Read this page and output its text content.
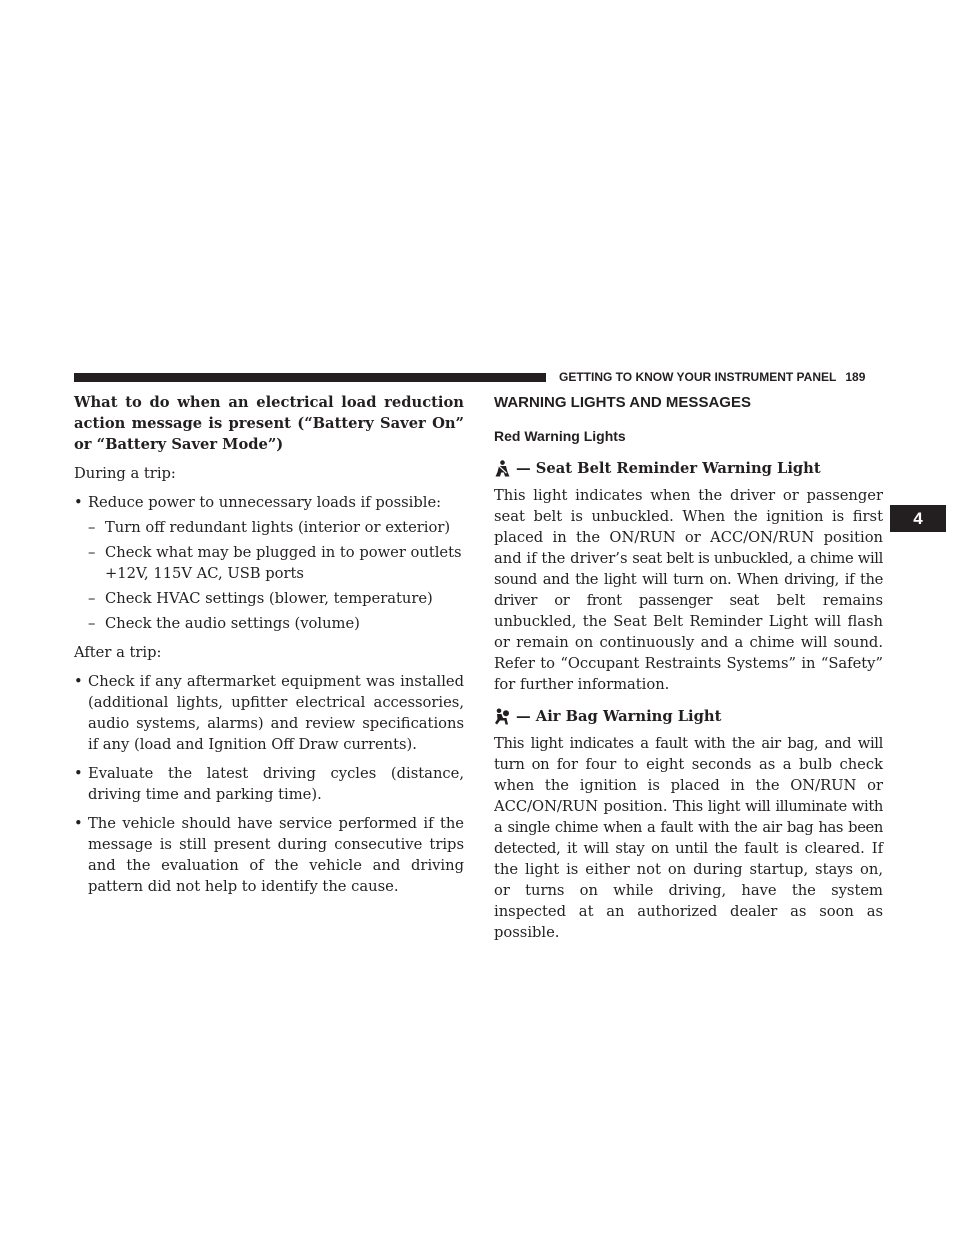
GETTING TO KNOW YOUR INSTRUMENT PANEL 189
4

What to do when an electrical load reduction action message is present (“Battery Saver On” or “Battery Saver Mode”)

During a trip:

• Reduce power to unnecessary loads if possible:
– Turn off redundant lights (interior or exterior)
– Check what may be plugged in to power outlets +12V, 115V AC, USB ports
– Check HVAC settings (blower, temperature)
– Check the audio settings (volume)

After a trip:

• Check if any aftermarket equipment was installed (additional lights, upfitter electrical accessories, audio systems, alarms) and review specifications if any (load and Ignition Off Draw currents).
• Evaluate the latest driving cycles (distance, driving time and parking time).
• The vehicle should have service performed if the message is still present during consecutive trips and the evaluation of the vehicle and driving pattern did not help to identify the cause.
WARNING LIGHTS AND MESSAGES
Red Warning Lights
— Seat Belt Reminder Warning Light

This light indicates when the driver or passenger seat belt is unbuckled. When the ignition is first placed in the ON/RUN or ACC/ON/RUN position and if the driver’s seat belt is unbuckled, a chime will sound and the light will turn on. When driving, if the driver or front passenger seat belt remains unbuckled, the Seat Belt Reminder Light will flash or remain on continuously and a chime will sound. Refer to “Occupant Restraints Systems” in “Safety” for further information.

— Air Bag Warning Light

This light indicates a fault with the air bag, and will turn on for four to eight seconds as a bulb check when the ignition is placed in the ON/RUN or ACC/ON/RUN position. This light will illuminate with a single chime when a fault with the air bag has been detected, it will stay on until the fault is cleared. If the light is either not on during startup, stays on, or turns on while driving, have the system inspected at an authorized dealer as soon as possible.
